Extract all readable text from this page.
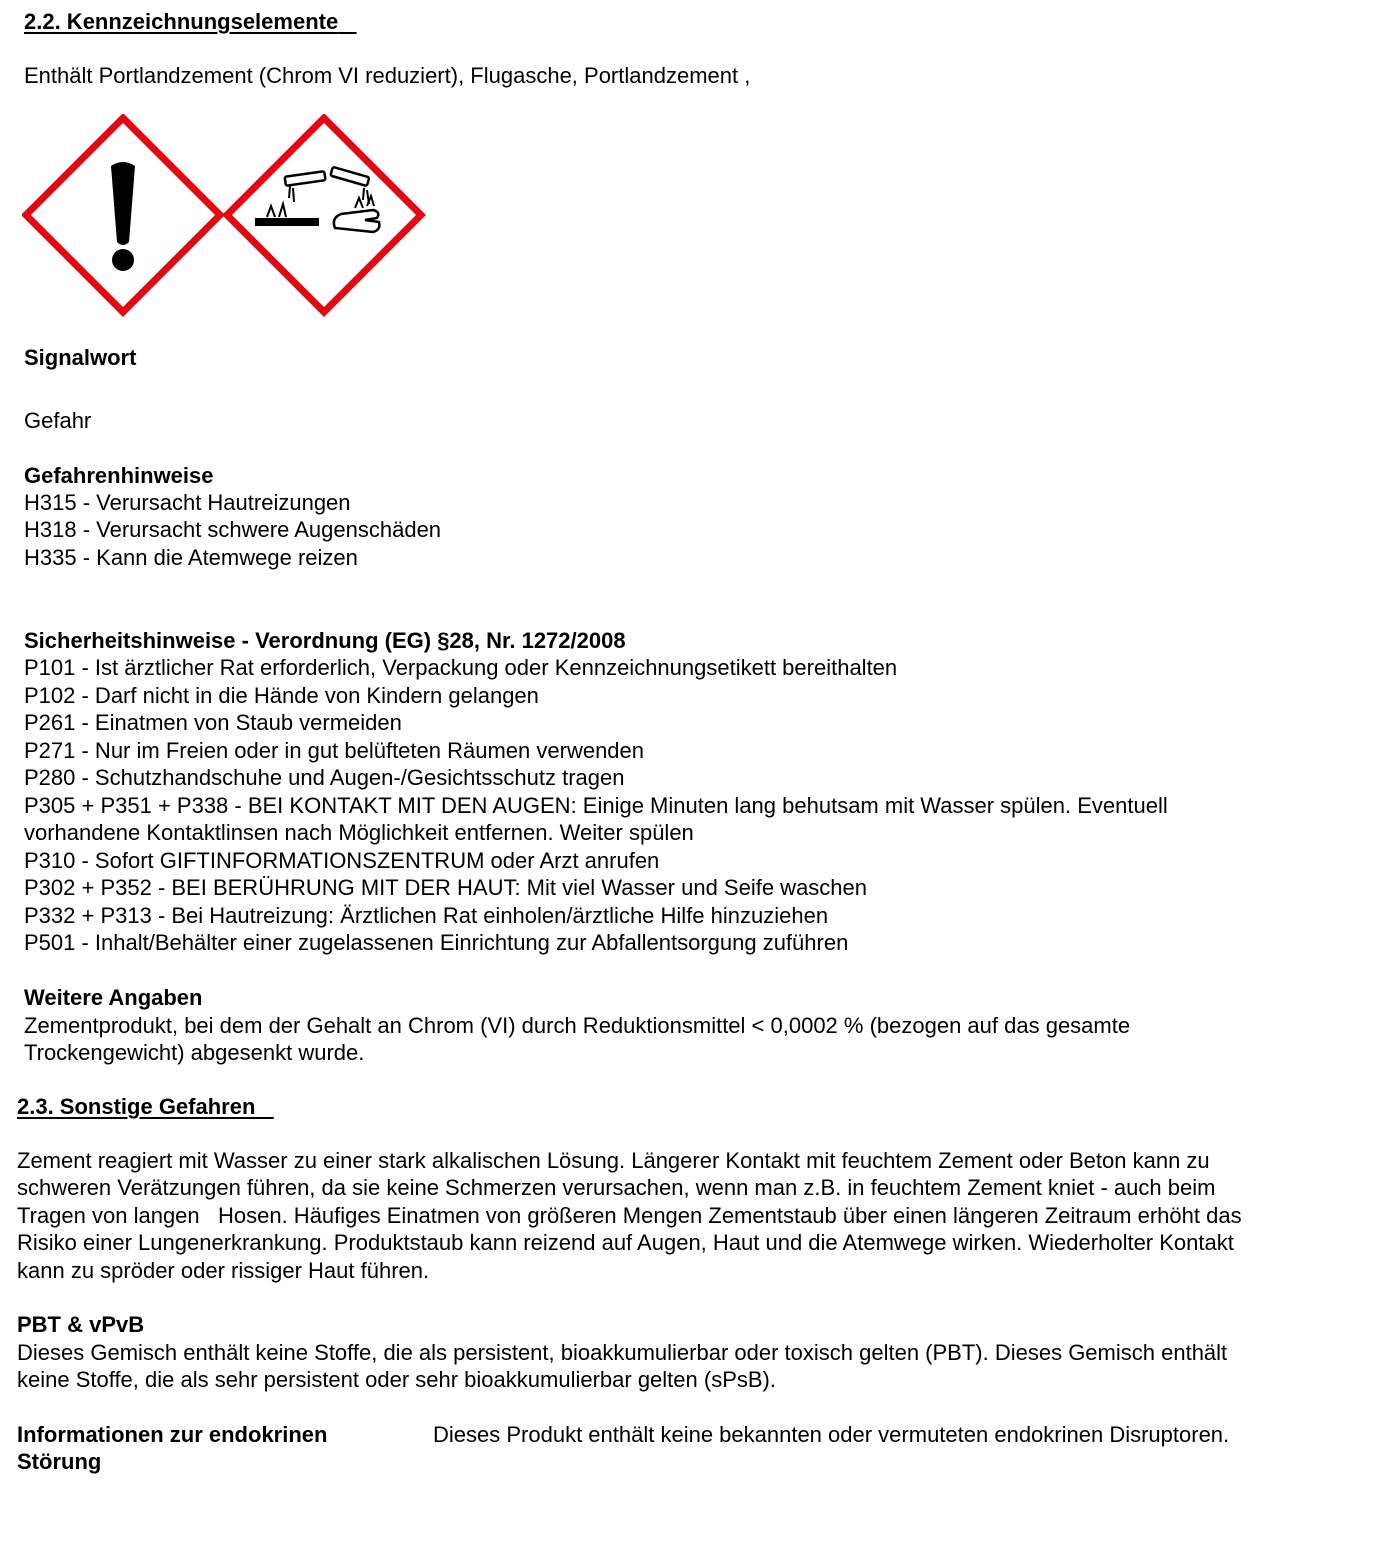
2.2. Kennzeichnungselemente
Enthält Portlandzement (Chrom VI reduziert), Flugasche, Portlandzement ,
Signalwort
Gefahr
Gefahrenhinweise
H315 - Verursacht Hautreizungen
H318 - Verursacht schwere Augenschäden
H335 - Kann die Atemwege reizen
Sicherheitshinweise - Verordnung (EG) §28, Nr. 1272/2008
P101 - Ist ärztlicher Rat erforderlich, Verpackung oder Kennzeichnungsetikett bereithalten
P102 - Darf nicht in die Hände von Kindern gelangen
P261 - Einatmen von Staub vermeiden
P271 - Nur im Freien oder in gut belüfteten Räumen verwenden
P280 - Schutzhandschuhe und Augen-/Gesichtsschutz tragen
P305 + P351 + P338 - BEI KONTAKT MIT DEN AUGEN: Einige Minuten lang behutsam mit Wasser spülen. Eventuell
vorhandene Kontaktlinsen nach Möglichkeit entfernen. Weiter spülen
P310 - Sofort GIFTINFORMATIONSZENTRUM oder Arzt anrufen
P302 + P352 - BEI BERÜHRUNG MIT DER HAUT: Mit viel Wasser und Seife waschen
P332 + P313 - Bei Hautreizung: Ärztlichen Rat einholen/ärztliche Hilfe hinzuziehen
P501 - Inhalt/Behälter einer zugelassenen Einrichtung zur Abfallentsorgung zuführen
Weitere Angaben
Zementprodukt, bei dem der Gehalt an Chrom (VI) durch Reduktionsmittel < 0,0002 % (bezogen auf das gesamte
Trockengewicht) abgesenkt wurde.
2.3. Sonstige Gefahren
Zement reagiert mit Wasser zu einer stark alkalischen Lösung. Längerer Kontakt mit feuchtem Zement oder Beton kann zu
schweren Verätzungen führen, da sie keine Schmerzen verursachen, wenn man z.B. in feuchtem Zement kniet - auch beim
Tragen von langen   Hosen. Häufiges Einatmen von größeren Mengen Zementstaub über einen längeren Zeitraum erhöht das
Risiko einer Lungenerkrankung. Produktstaub kann reizend auf Augen, Haut und die Atemwege wirken. Wiederholter Kontakt
kann zu spröder oder rissiger Haut führen.
PBT & vPvB
Dieses Gemisch enthält keine Stoffe, die als persistent, bioakkumulierbar oder toxisch gelten (PBT). Dieses Gemisch enthält
keine Stoffe, die als sehr persistent oder sehr bioakkumulierbar gelten (sPsB).
Informationen zur endokrinen
Störung
Dieses Produkt enthält keine bekannten oder vermuteten endokrinen Disruptoren.
